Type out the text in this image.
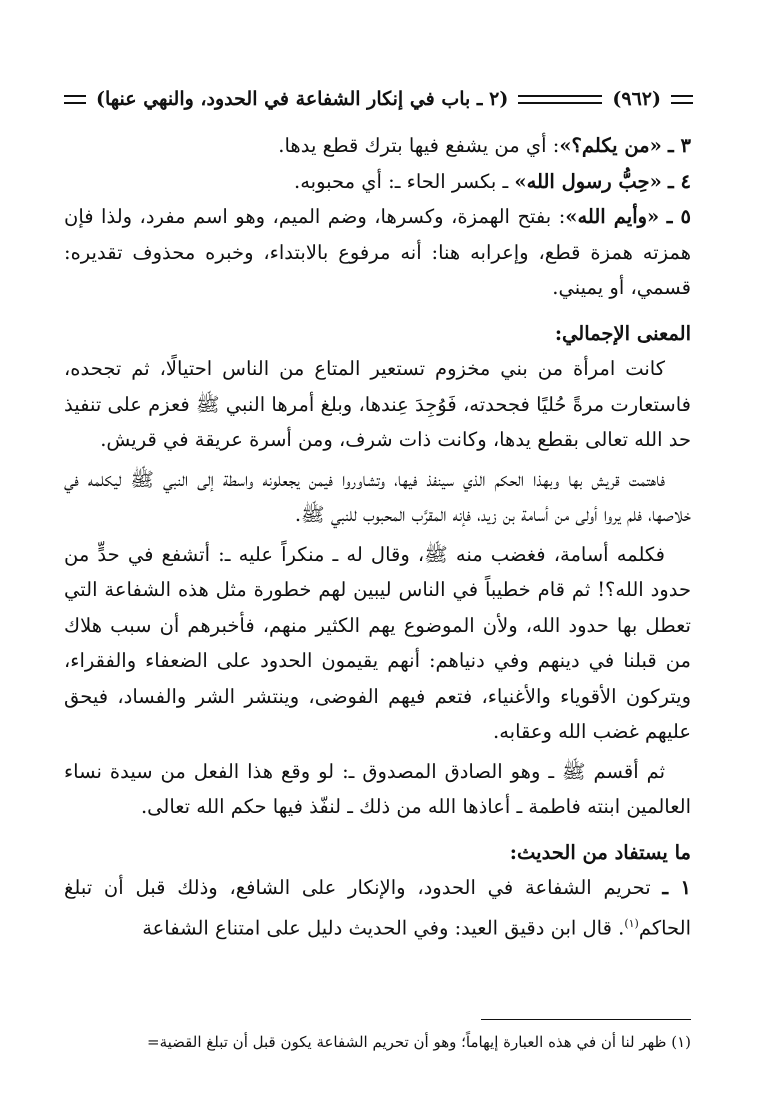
(٩٦٢)
(٢ ـ باب في إنكار الشفاعة في الحدود، والنهي عنها)

٣ ـ «من يكلم؟»: أي من يشفع فيها بترك قطع يدها.

٤ ـ «حِبُّ رسول الله» ـ بكسر الحاء ـ: أي محبوبه.

٥ ـ «وأيم الله»: بفتح الهمزة، وكسرها، وضم الميم، وهو اسم مفرد، ولذا فإن همزته همزة قطع، وإعرابه هنا: أنه مرفوع بالابتداء، وخبره محذوف تقديره: قسمي، أو يميني.

المعنى الإجمالي:

كانت امرأة من بني مخزوم تستعير المتاع من الناس احتيالًا، ثم تجحده، فاستعارت مرةً حُليًا فجحدته، فَوُجِدَ عِندها، وبلغ أمرها النبي ﷺ فعزم على تنفيذ حد الله تعالى بقطع يدها، وكانت ذات شرف، ومن أسرة عريقة في قريش.

فاهتمت قريش بها وبهذا الحكم الذي سينفذ فيها، وتشاوروا فيمن يجعلونه واسطة إلى النبي ﷺ ليكلمه في خلاصها، فلم يروا أولى من أسامة بن زيد، فإنه المقرَّب المحبوب للنبي ﷺ.

فكلمه أسامة، فغضب منه ﷺ، وقال له ـ منكراً عليه ـ: أتشفع في حدٍّ من حدود الله؟! ثم قام خطيباً في الناس ليبين لهم خطورة مثل هذه الشفاعة التي تعطل بها حدود الله، ولأن الموضوع يهم الكثير منهم، فأخبرهم أن سبب هلاك من قبلنا في دينهم وفي دنياهم: أنهم يقيمون الحدود على الضعفاء والفقراء، ويتركون الأقوياء والأغنياء، فتعم فيهم الفوضى، وينتشر الشر والفساد، فيحق عليهم غضب الله وعقابه.

ثم أقسم ﷺ ـ وهو الصادق المصدوق ـ: لو وقع هذا الفعل من سيدة نساء العالمين ابنته فاطمة ـ أعاذها الله من ذلك ـ لنفّذ فيها حكم الله تعالى.

ما يستفاد من الحديث:

١ ـ تحريم الشفاعة في الحدود، والإنكار على الشافع، وذلك قبل أن تبلغ الحاكم$^{(١)}$. قال ابن دقيق العيد: وفي الحديث دليل على امتناع الشفاعة

(١) ظهر لنا أن في هذه العبارة إيهاماً؛ وهو أن تحريم الشفاعة يكون قبل أن تبلغ القضية=
